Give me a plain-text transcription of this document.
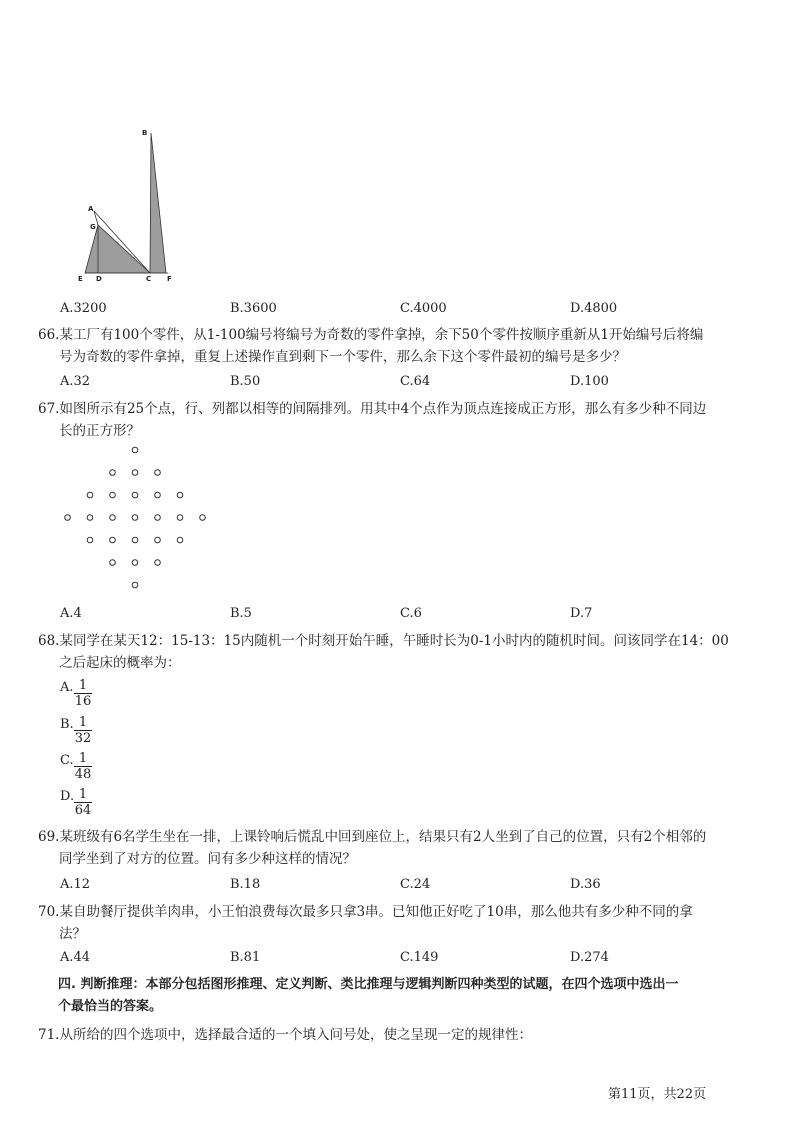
A
B
G
E D	C F
A.3200	B.3600	C.4000	D.4800
66.某工厂有100个零件，从1-100编号将编号为奇数的零件拿掉，余下50个零件按顺序重新从1开始编号后将编
号为奇数的零件拿掉，重复上述操作直到剩下一个零件，那么余下这个零件最初的编号是多少？
A.32	B.50	C.64	D.100
67.如图所示有25个点，行、列都以相等的间隔排列。用其中4个点作为顶点连接成正方形，那么有多少种不同边
长的正方形？
A.4	B.5	C.6	D.7
68.某同学在某天12：15-13：15内随机一个时刻开始午睡，午睡时长为0-1小时内的随机时间。问该同学在14：00
之后起床的概率为：
A. 1
16
B. 1
32
C. 1
48
D. 1
64
69.某班级有6名学生坐在一排，上课铃响后慌乱中回到座位上，结果只有2人坐到了自己的位置，只有2个相邻的
同学坐到了对方的位置。问有多少种这样的情况？
A.12	B.18	C.24	D.36
70.某自助餐厅提供羊肉串，小王怕浪费每次最多只拿3串。已知他正好吃了10串，那么他共有多少种不同的拿
法？
A.44	B.81	C.149	D.274
四. 判断推理：本部分包括图形推理、定义判断、类比推理与逻辑判断四种类型的试题，在四个选项中选出一
个最恰当的答案。
71.从所给的四个选项中，选择最合适的一个填入问号处，使之呈现一定的规律性：
第11页，共22页
